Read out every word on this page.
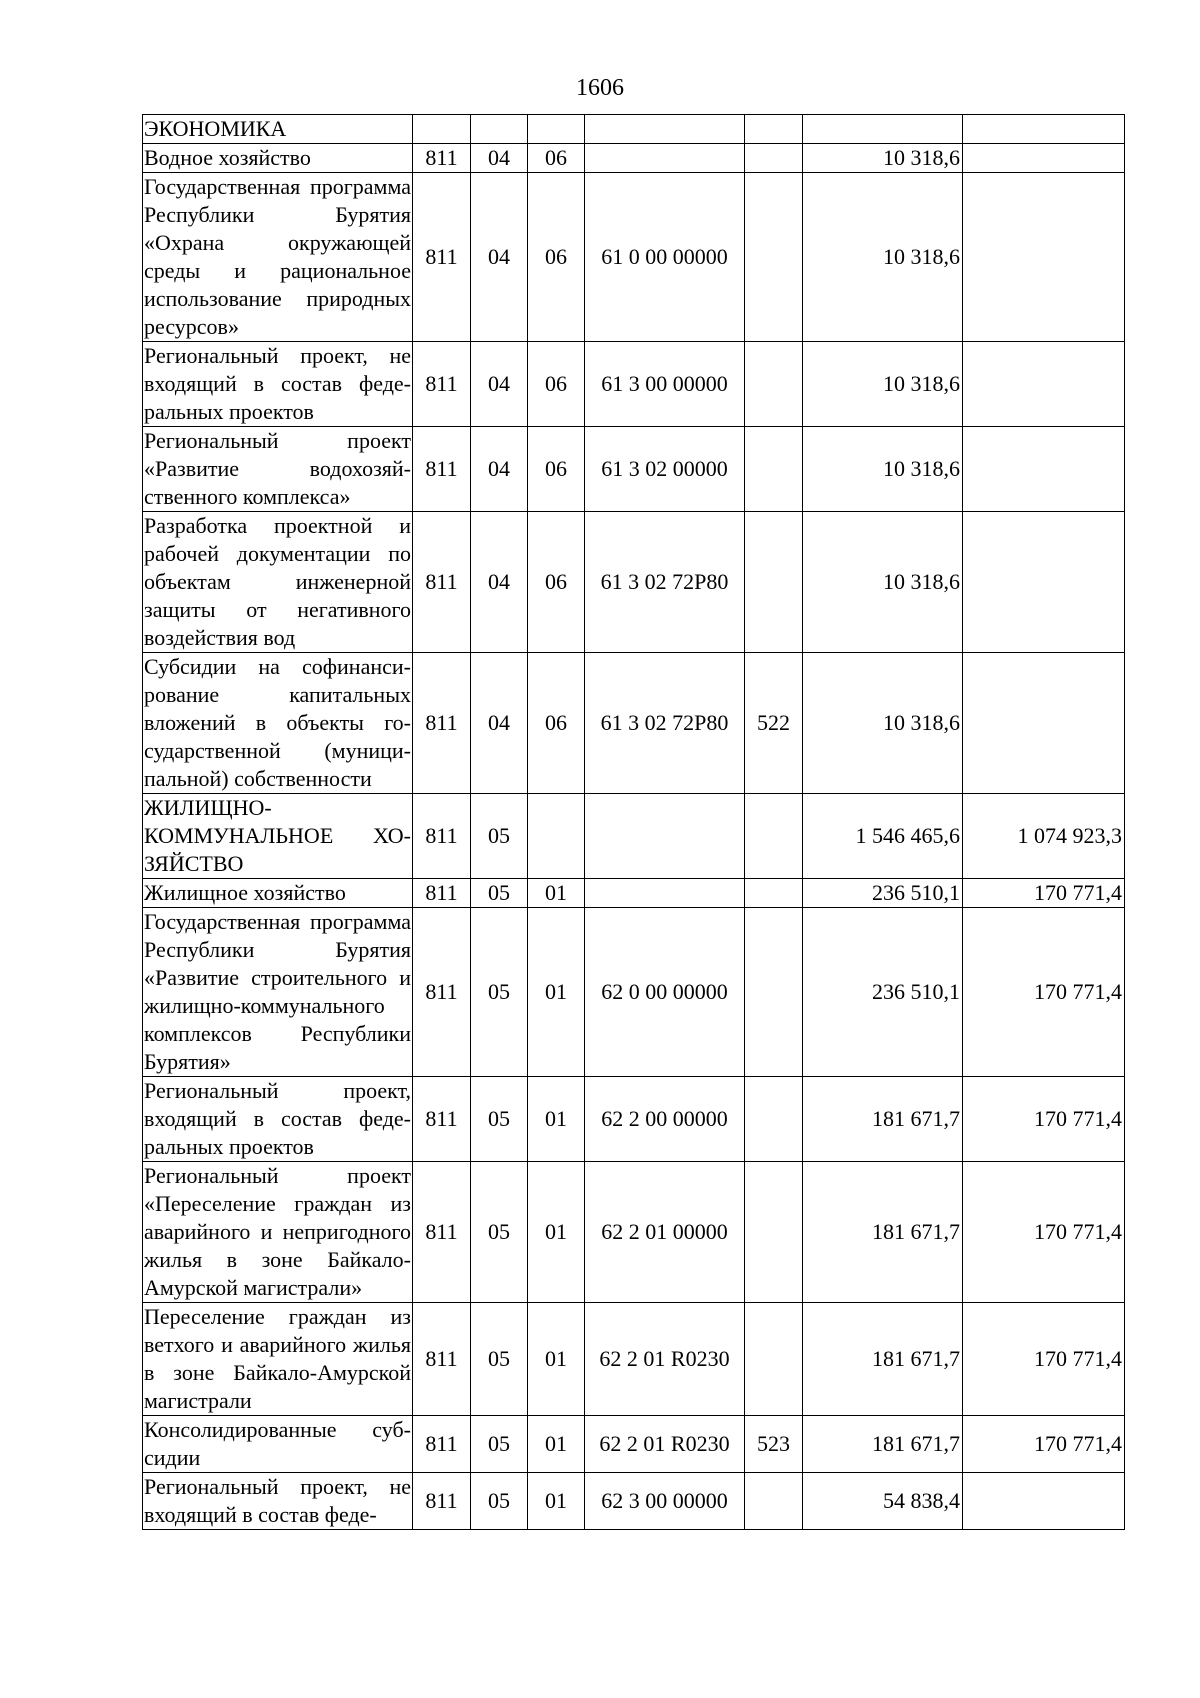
1606
ЭКОНОМИКА							
Водное хозяйство	811	04	06			10 318,6	
Государственная программа Республики Бурятия «Охрана окружающей среды и рациональное использование природных ресурсов»	811	04	06	61 0 00 00000		10 318,6	
Региональный проект, не входящий в состав федеральных проектов	811	04	06	61 3 00 00000		10 318,6	
Региональный проект «Развитие водохозяйственного комплекса»	811	04	06	61 3 02 00000		10 318,6	
Разработка проектной и рабочей документации по объектам инженерной защиты от негативного воздействия вод	811	04	06	61 3 02 72Р80		10 318,6	
Субсидии на софинансирование капитальных вложений в объекты государственной (муниципальной) собственности	811	04	06	61 3 02 72Р80	522	10 318,6	
ЖИЛИЩНО-КОММУНАЛЬНОЕ ХОЗЯЙСТВО	811	05				1 546 465,6	1 074 923,3
Жилищное хозяйство	811	05	01			236 510,1	170 771,4
Государственная программа Республики Бурятия «Развитие строительного и жилищно-коммунального комплексов Республики Бурятия»	811	05	01	62 0 00 00000		236 510,1	170 771,4
Региональный проект, входящий в состав федеральных проектов	811	05	01	62 2 00 00000		181 671,7	170 771,4
Региональный проект «Переселение граждан из аварийного и непригодного жилья в зоне Байкало-Амурской магистрали»	811	05	01	62 2 01 00000		181 671,7	170 771,4
Переселение граждан из ветхого и аварийного жилья в зоне Байкало-Амурской магистрали	811	05	01	62 2 01 R0230		181 671,7	170 771,4
Консолидированные субсидии	811	05	01	62 2 01 R0230	523	181 671,7	170 771,4
Региональный проект, не входящий в состав феде-	811	05	01	62 3 00 00000		54 838,4	
